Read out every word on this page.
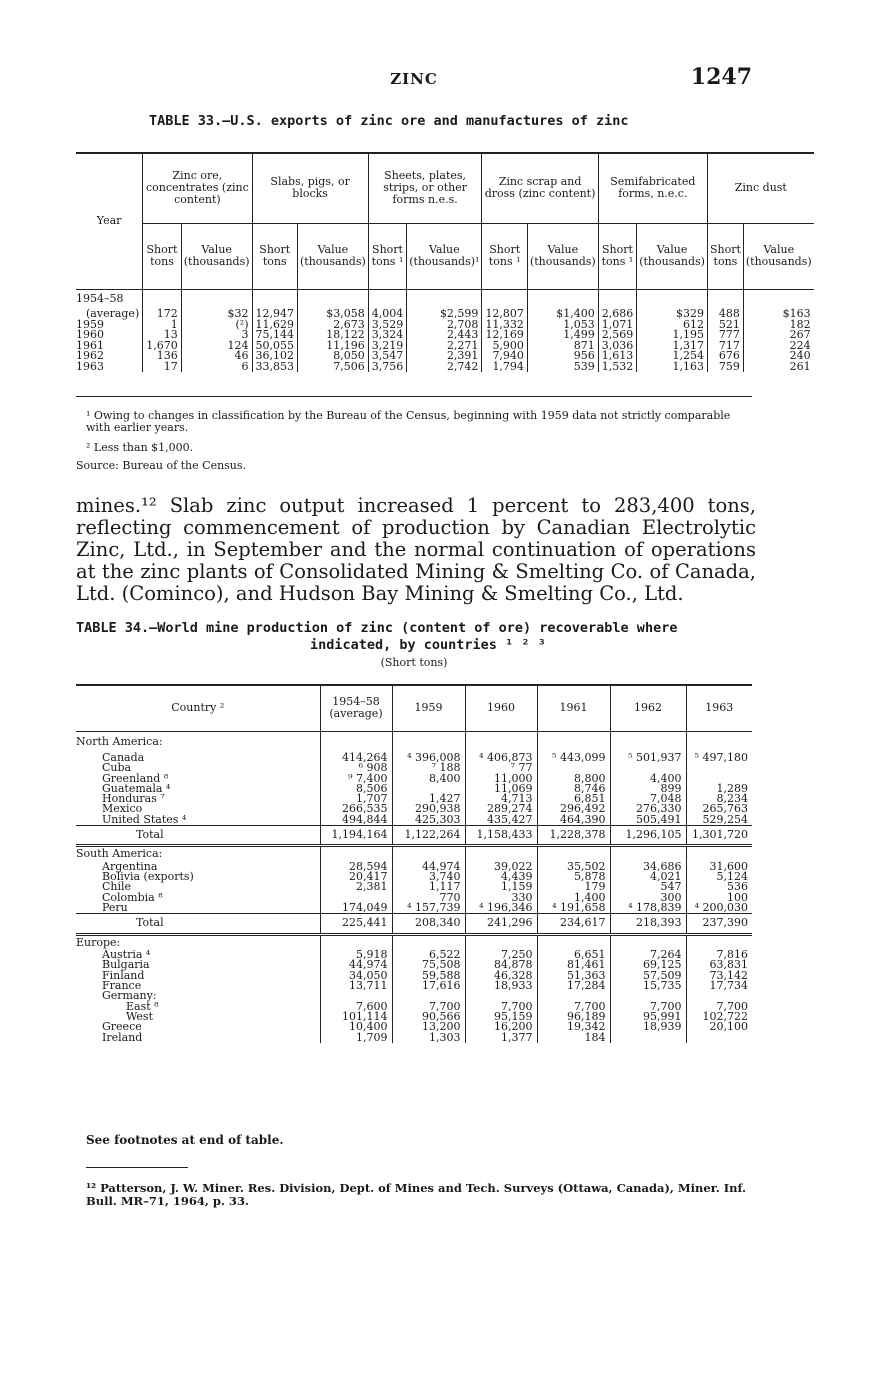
ZINC	1247
TABLE 33.—U.S. exports of zinc ore and manufactures of zinc
Year	Zinc ore, concentrates (zinc content)		Slabs, pigs, or blocks		Sheets, plates, strips, or other forms n.e.s.		Zinc scrap and dross (zinc content)		Semifabricated forms, n.e.c.		Zinc dust	
	Short tons	Value (thousands)	Short tons	Value (thousands)	Short tons ¹	Value (thousands)¹	Short tons ¹	Value (thousands)	Short tons ¹	Value (thousands)	Short tons	Value (thousands)
1954–58												
(average)	172	$32	12,947	$3,058	4,004	$2,599	12,807	$1,400	2,686	$329	488	$163
1959	1	(²)	11,629	2,673	3,529	2,708	11,332	1,053	1,071	612	521	182
1960	13	3	75,144	18,122	3,324	2,443	12,169	1,499	2,569	1,195	777	267
1961	1,670	124	50,055	11,196	3,219	2,271	5,900	871	3,036	1,317	717	224
1962	136	46	36,102	8,050	3,547	2,391	7,940	956	1,613	1,254	676	240
1963	17	6	33,853	7,506	3,756	2,742	1,794	539	1,532	1,163	759	261
¹ Owing to changes in classification by the Bureau of the Census, beginning with 1959 data not strictly comparable with earlier years.
² Less than $1,000.
Source: Bureau of the Census.
mines.¹² Slab zinc output increased 1 percent to 283,400 tons, reflecting commencement of production by Canadian Electrolytic Zinc, Ltd., in September and the normal continuation of operations at the zinc plants of Consolidated Mining & Smelting Co. of Canada, Ltd. (Cominco), and Hudson Bay Mining & Smelting Co., Ltd.
TABLE 34.—World mine production of zinc (content of ore) recoverable where
indicated, by countries ¹ ² ³
(Short tons)
Country ²	1954–58 (average)	1959	1960	1961	1962	1963
North America:						
Canada	414,264	⁴ 396,008	⁴ 406,873	⁵ 443,099	⁵ 501,937	⁵ 497,180
Cuba	⁶ 908	⁷ 188	⁷ 77			
Greenland ⁸	⁹ 7,400	8,400	11,000	8,800	4,400	
Guatemala ⁴	8,506		11,069	8,746	899	1,289
Honduras ⁷	1,707	1,427	4,713	6,851	7,048	8,234
Mexico	266,535	290,938	289,274	296,492	276,330	265,763
United States ⁴	494,844	425,303	435,427	464,390	505,491	529,254
Total	1,194,164	1,122,264	1,158,433	1,228,378	1,296,105	1,301,720
South America:						
Argentina	28,594	44,974	39,022	35,502	34,686	31,600
Bolivia (exports)	20,417	3,740	4,439	5,878	4,021	5,124
Chile	2,381	1,117	1,159	179	547	536
Colombia ⁸		770	330	1,400	300	100
Peru	174,049	⁴ 157,739	⁴ 196,346	⁴ 191,658	⁴ 178,839	⁴ 200,030
Total	225,441	208,340	241,296	234,617	218,393	237,390
Europe:						
Austria ⁴	5,918	6,522	7,250	6,651	7,264	7,816
Bulgaria	44,974	75,508	84,878	81,461	69,125	63,831
Finland	34,050	59,588	46,328	51,363	57,509	73,142
France	13,711	17,616	18,933	17,284	15,735	17,734
Germany:						
East ⁸	7,600	7,700	7,700	7,700	7,700	7,700
West	101,114	90,566	95,159	96,189	95,991	102,722
Greece	10,400	13,200	16,200	19,342	18,939	20,100
Ireland	1,709	1,303	1,377	184		
See footnotes at end of table.
¹² Patterson, J. W. Miner. Res. Division, Dept. of Mines and Tech. Surveys (Ottawa, Canada), Miner. Inf. Bull. MR–71, 1964, p. 33.
